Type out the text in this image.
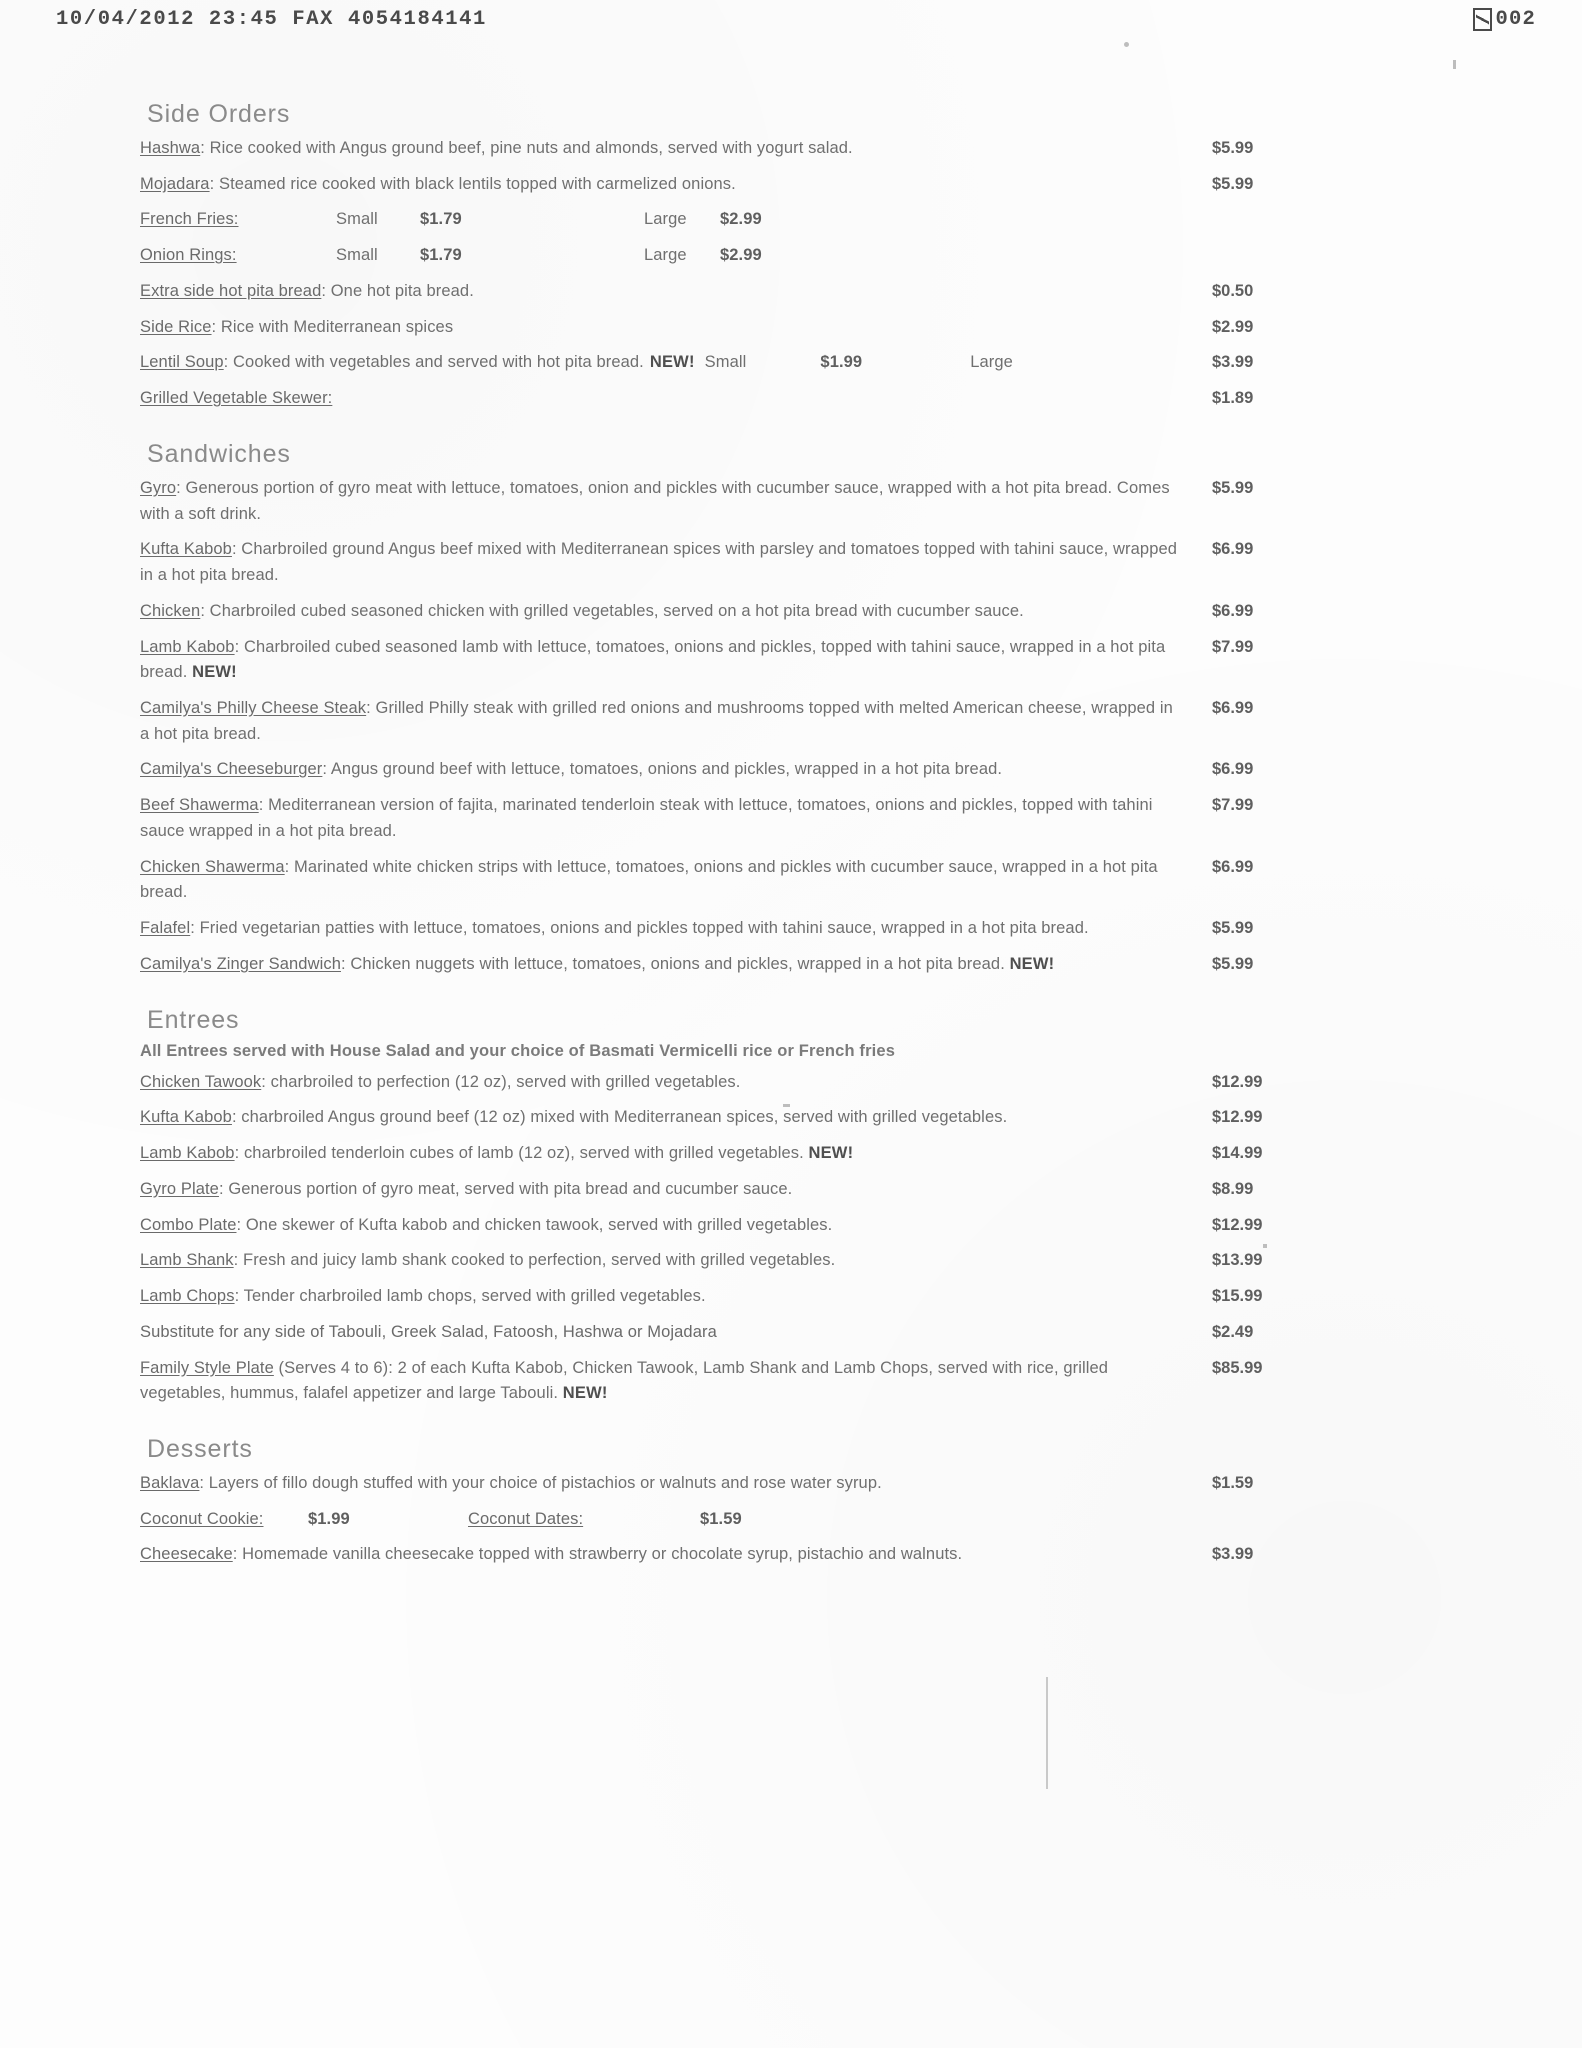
10/04/2012 23:45 FAX 4054184141	002
Side Orders
Hashwa: Rice cooked with Angus ground beef, pine nuts and almonds, served with yogurt salad.	$5.99
Mojadara: Steamed rice cooked with black lentils topped with carmelized onions.	$5.99
French Fries:	Small	$1.79	Large	$2.99
Onion Rings:	Small	$1.79	Large	$2.99
Extra side hot pita bread: One hot pita bread.	$0.50
Side Rice: Rice with Mediterranean spices	$2.99
Lentil Soup: Cooked with vegetables and served with hot pita bread. NEW! Small	$1.99	Large	$3.99
Grilled Vegetable Skewer:	$1.89
Sandwiches
Gyro: Generous portion of gyro meat with lettuce, tomatoes, onion and pickles with cucumber sauce, wrapped with a hot pita bread. Comes with a soft drink.
$5.99
Kufta Kabob: Charbroiled ground Angus beef mixed with Mediterranean spices with parsley and tomatoes topped with tahini sauce, wrapped in a hot pita bread.
$6.99
Chicken: Charbroiled cubed seasoned chicken with grilled vegetables, served on a hot pita bread with cucumber sauce.	$6.99
Lamb Kabob: Charbroiled cubed seasoned lamb with lettuce, tomatoes, onions and pickles, topped with tahini sauce, wrapped in a hot pita bread. NEW!
$7.99
Camilya's Philly Cheese Steak: Grilled Philly steak with grilled red onions and mushrooms topped with melted American cheese, wrapped in a hot pita bread.
$6.99
Camilya's Cheeseburger: Angus ground beef with lettuce, tomatoes, onions and pickles, wrapped in a hot pita bread.	$6.99
Beef Shawerma: Mediterranean version of fajita, marinated tenderloin steak with lettuce, tomatoes, onions and pickles, topped with tahini sauce wrapped in a hot pita bread.
$7.99
Chicken Shawerma: Marinated white chicken strips with lettuce, tomatoes, onions and pickles with cucumber sauce, wrapped in a hot pita bread.
$6.99
Falafel: Fried vegetarian patties with lettuce, tomatoes, onions and pickles topped with tahini sauce, wrapped in a hot pita bread.	$5.99
Camilya's Zinger Sandwich: Chicken nuggets with lettuce, tomatoes, onions and pickles, wrapped in a hot pita bread. NEW!	$5.99
Entrees

All Entrees served with House Salad and your choice of Basmati Vermicelli rice or French fries

Chicken Tawook: charbroiled to perfection (12 oz), served with grilled vegetables.	$12.99
Kufta Kabob: charbroiled Angus ground beef (12 oz) mixed with Mediterranean spices, served with grilled vegetables.	$12.99
Lamb Kabob: charbroiled tenderloin cubes of lamb (12 oz), served with grilled vegetables. NEW!	$14.99
Gyro Plate: Generous portion of gyro meat, served with pita bread and cucumber sauce.	$8.99
Combo Plate: One skewer of Kufta kabob and chicken tawook, served with grilled vegetables.	$12.99
Lamb Shank: Fresh and juicy lamb shank cooked to perfection, served with grilled vegetables.	$13.99
Lamb Chops: Tender charbroiled lamb chops, served with grilled vegetables.	$15.99
Substitute for any side of Tabouli, Greek Salad, Fatoosh, Hashwa or Mojadara	$2.49
Family Style Plate (Serves 4 to 6): 2 of each Kufta Kabob, Chicken Tawook, Lamb Shank and Lamb Chops, served with rice, grilled vegetables, hummus, falafel appetizer and large Tabouli. NEW!
$85.99
Desserts
Baklava: Layers of fillo dough stuffed with your choice of pistachios or walnuts and rose water syrup.	$1.59
Coconut Cookie:	$1.99	Coconut Dates:	$1.59
Cheesecake: Homemade vanilla cheesecake topped with strawberry or chocolate syrup, pistachio and walnuts.	$3.99
